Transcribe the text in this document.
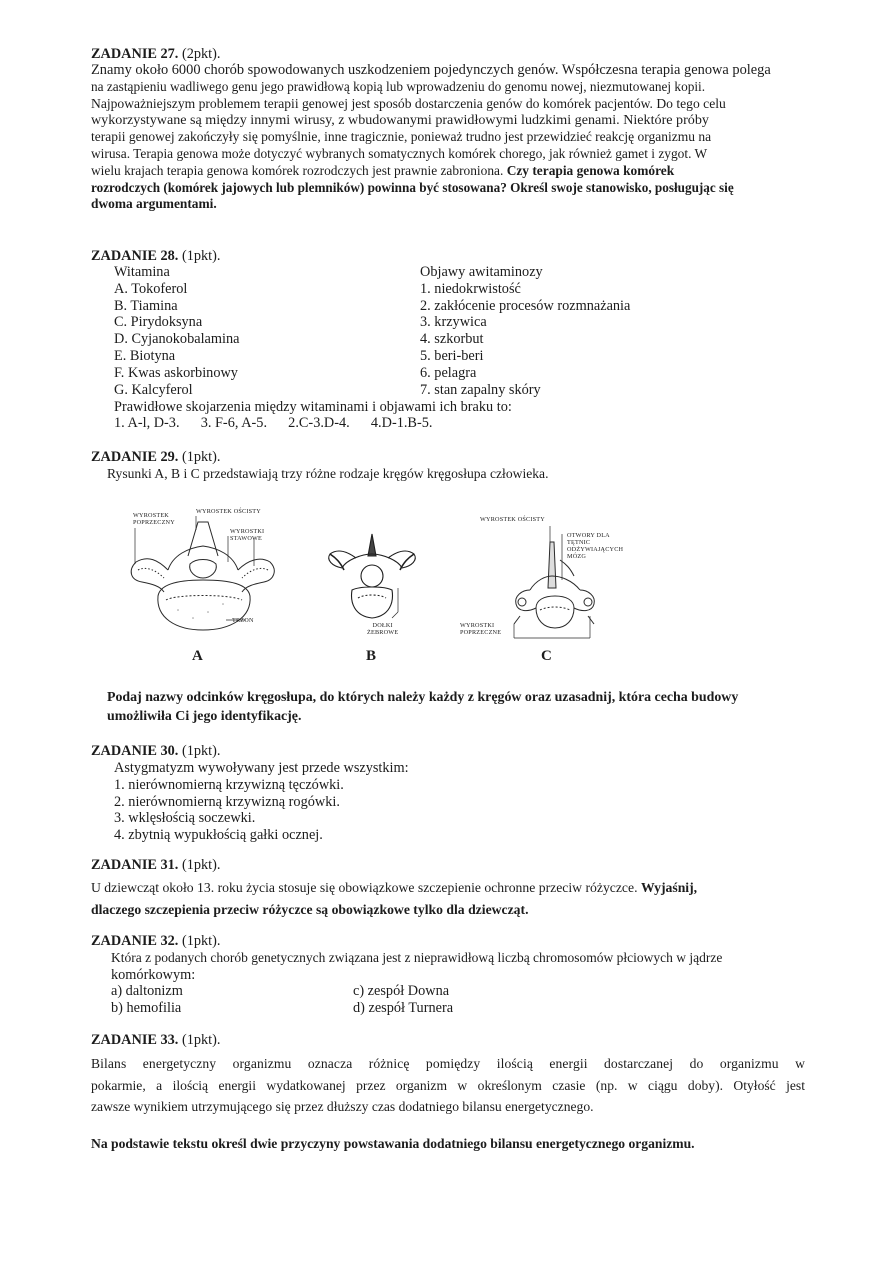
ZADANIE 27. (2pkt).
Znamy około 6000 chorób spowodowanych uszkodzeniem pojedynczych genów. Współczesna terapia genowa polega
na zastąpieniu wadliwego genu jego prawidłową kopią lub wprowadzeniu do genomu nowej, niezmutowanej kopii.
Najpoważniejszym problemem terapii genowej jest sposób dostarczenia genów do komórek pacjentów. Do tego celu
wykorzystywane są między innymi wirusy, z wbudowanymi prawidłowymi ludzkimi genami. Niektóre próby
terapii genowej zakończyły się pomyślnie, inne tragicznie, ponieważ trudno jest przewidzieć reakcję organizmu na
wirusa. Terapia genowa może dotyczyć wybranych somatycznych komórek chorego, jak również gamet i zygot. W
wielu krajach terapia genowa komórek rozrodczych jest prawnie zabroniona. Czy terapia genowa komórek
rozrodczych (komórek jajowych lub plemników) powinna być stosowana? Określ swoje stanowisko, posługując się
dwoma argumentami.
ZADANIE 28. (1pkt).
Witamina
A. Tokoferol
B. Tiamina
C. Pirydoksyna
D. Cyjanokobalamina
E. Biotyna
F. Kwas askorbinowy
G. Kalcyferol
Objawy awitaminozy
1. niedokrwistość
2. zakłócenie procesów rozmnażania
3. krzywica
4. szkorbut
5. beri-beri
6. pelagra
7. stan zapalny skóry
Prawidłowe skojarzenia między witaminami i objawami ich braku to:
1. A-l, D-3. 3. F-6, A-5. 2.C-3.D-4. 4.D-1.B-5.
ZADANIE 29. (1pkt).
Rysunki A, B i C przedstawiają trzy różne rodzaje kręgów kręgosłupa człowieka.
WYROSTEK
POPRZECZNY
WYROSTEK OŚCISTY
WYROSTKI
STAWOWE
TRZON
A
DOŁKI
ŻEBROWE
B
WYROSTEK OŚCISTY
OTWORY DLA
TĘTNIC
ODŻYWIAJĄCYCH
MÓZG
WYROSTKI
POPRZECZNE
C
Podaj nazwy odcinków kręgosłupa, do których należy każdy z kręgów oraz uzasadnij, która cecha budowy
umożliwiła Ci jego identyfikację.
ZADANIE 30. (1pkt).
Astygmatyzm wywoływany jest przede wszystkim:
1. nierównomierną krzywizną tęczówki.
2. nierównomierną krzywizną rogówki.
3. wklęsłością soczewki.
4. zbytnią wypukłością gałki ocznej.
ZADANIE 31. (1pkt).
U dziewcząt około 13. roku życia stosuje się obowiązkowe szczepienie ochronne przeciw różyczce. Wyjaśnij,
dlaczego szczepienia przeciw różyczce są obowiązkowe tylko dla dziewcząt.
ZADANIE 32. (1pkt).
Która z podanych chorób genetycznych związana jest z nieprawidłową liczbą chromosomów płciowych w jądrze
komórkowym:
a) daltonizm
b) hemofilia
c) zespół Downa
d) zespół Turnera
ZADANIE 33. (1pkt).
Bilans energetyczny organizmu oznacza różnicę pomiędzy ilością energii dostarczanej do organizmu w
pokarmie, a ilością energii wydatkowanej przez organizm w określonym czasie (np. w ciągu doby). Otyłość jest
zawsze wynikiem utrzymującego się przez dłuższy czas dodatniego bilansu energetycznego.
Na podstawie tekstu określ dwie przyczyny powstawania dodatniego bilansu energetycznego organizmu.
